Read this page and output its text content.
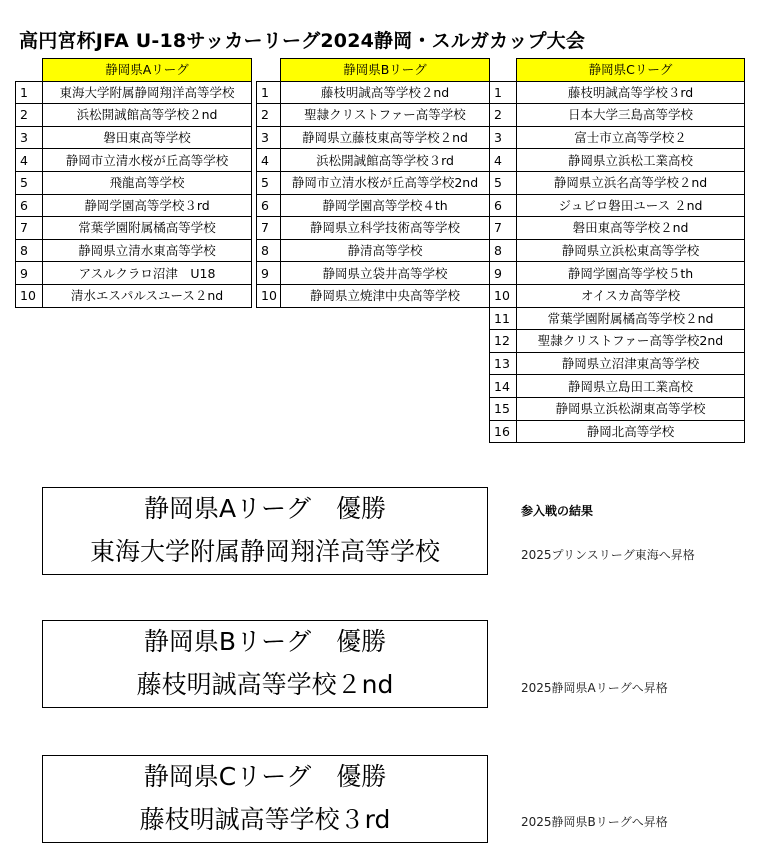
高円宮杯JFA U-18サッカーリーグ2024静岡・スルガカップ大会
	静岡県Aリーグ
1	東海大学附属静岡翔洋高等学校
2	浜松開誠館高等学校２nd
3	磐田東高等学校
4	静岡市立清水桜が丘高等学校
5	飛龍高等学校
6	静岡学園高等学校３rd
7	常葉学園附属橘高等学校
8	静岡県立清水東高等学校
9	アスルクラロ沼津　U18
10	清水エスパルスユース２nd
	静岡県Bリーグ
1	藤枝明誠高等学校２nd
2	聖隷クリストファー高等学校
3	静岡県立藤枝東高等学校２nd
4	浜松開誠館高等学校３rd
5	静岡市立清水桜が丘高等学校2nd
6	静岡学園高等学校４th
7	静岡県立科学技術高等学校
8	静清高等学校
9	静岡県立袋井高等学校
10	静岡県立焼津中央高等学校
	静岡県Cリーグ
1	藤枝明誠高等学校３rd
2	日本大学三島高等学校
3	富士市立高等学校２
4	静岡県立浜松工業高校
5	静岡県立浜名高等学校２nd
6	ジュビロ磐田ユース ２nd
7	磐田東高等学校２nd
8	静岡県立浜松東高等学校
9	静岡学園高等学校５th
10	オイスカ高等学校
11	常葉学園附属橘高等学校２nd
12	聖隷クリストファー高等学校2nd
13	静岡県立沼津東高等学校
14	静岡県立島田工業高校
15	静岡県立浜松湖東高等学校
16	静岡北高等学校
静岡県Aリーグ　優勝
東海大学附属静岡翔洋高等学校
参入戦の結果
2025プリンスリーグ東海へ昇格
静岡県Bリーグ　優勝
藤枝明誠高等学校２nd	2025静岡県Aリーグへ昇格
静岡県Cリーグ　優勝
藤枝明誠高等学校３rd	2025静岡県Bリーグへ昇格
